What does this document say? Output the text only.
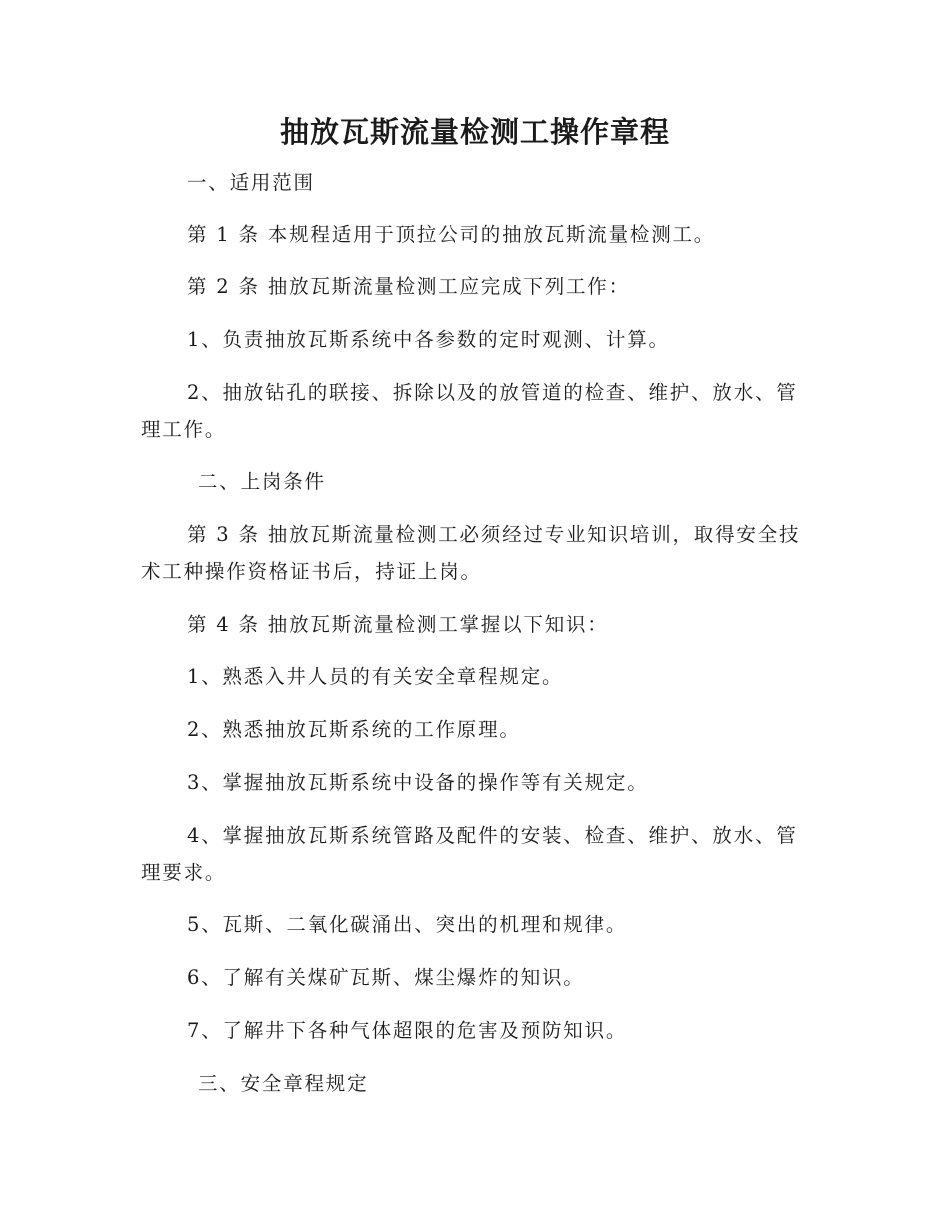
抽放瓦斯流量检测工操作章程
一、适用范围
第 1 条 本规程适用于顶拉公司的抽放瓦斯流量检测工。
第 2 条 抽放瓦斯流量检测工应完成下列工作：
1、负责抽放瓦斯系统中各参数的定时观测、计算。
2、抽放钻孔的联接、拆除以及的放管道的检查、维护、放水、管
理工作。
二、上岗条件
第 3 条 抽放瓦斯流量检测工必须经过专业知识培训，取得安全技
术工种操作资格证书后，持证上岗。
第 4 条 抽放瓦斯流量检测工掌握以下知识：
1、熟悉入井人员的有关安全章程规定。
2、熟悉抽放瓦斯系统的工作原理。
3、掌握抽放瓦斯系统中设备的操作等有关规定。
4、掌握抽放瓦斯系统管路及配件的安装、检查、维护、放水、管
理要求。
5、瓦斯、二氧化碳涌出、突出的机理和规律。
6、了解有关煤矿瓦斯、煤尘爆炸的知识。
7、了解井下各种气体超限的危害及预防知识。
三、安全章程规定
